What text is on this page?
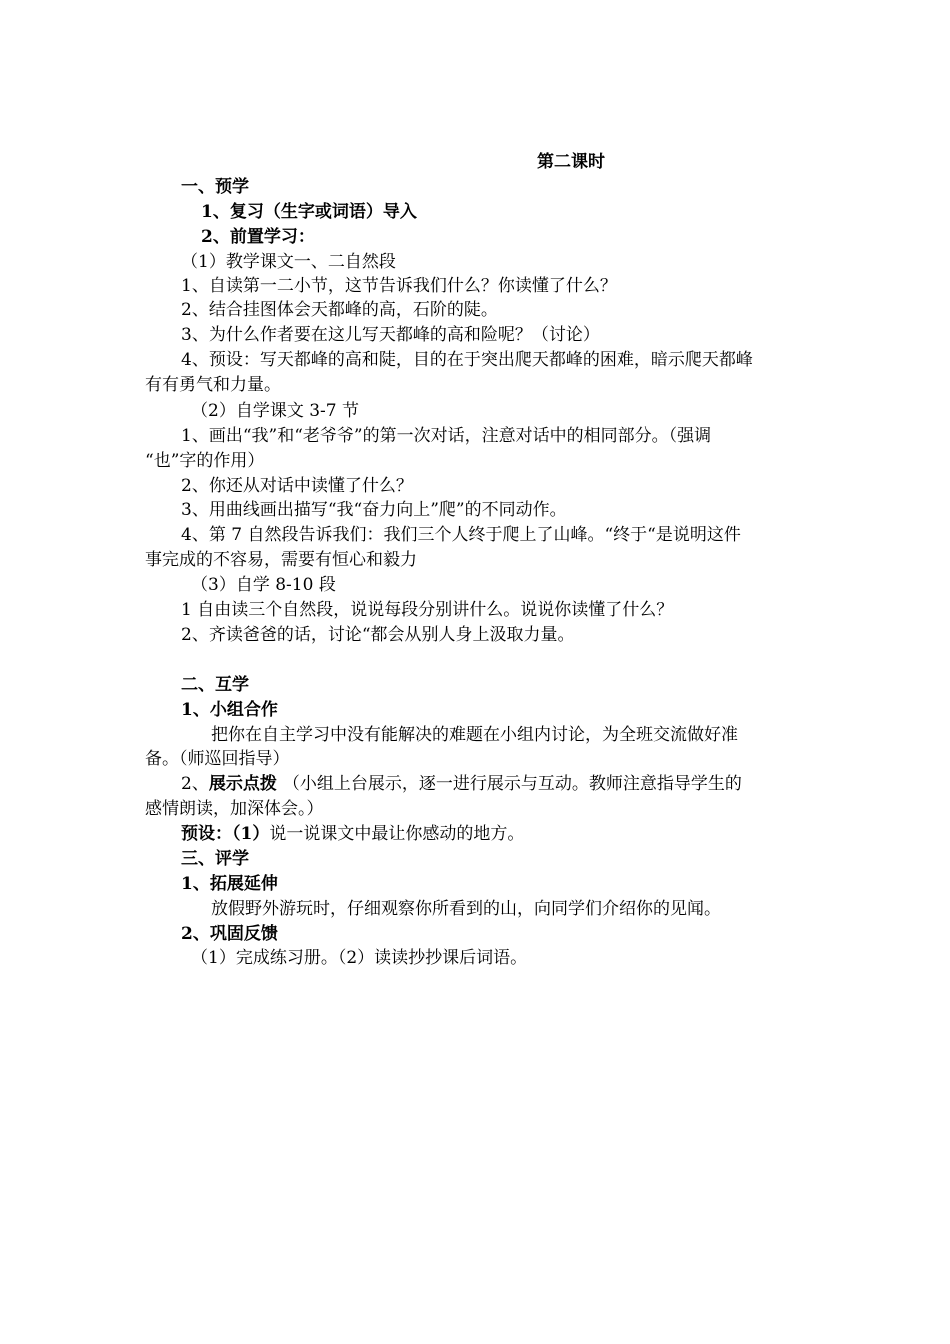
第二课时
一、预学
1、复习（生字或词语）导入
2、前置学习：
（1）教学课文一、二自然段
1、自读第一二小节，这节告诉我们什么？你读懂了什么？
2、结合挂图体会天都峰的高，石阶的陡。
3、为什么作者要在这儿写天都峰的高和险呢？（讨论）
4、预设：写天都峰的高和陡，目的在于突出爬天都峰的困难，暗示爬天都峰
有有勇气和力量。
（2）自学课文 3-7 节
1、画出“我”和“老爷爷”的第一次对话，注意对话中的相同部分。（强调
“也”字的作用）
2、你还从对话中读懂了什么？
3、用曲线画出描写“我“奋力向上”爬”的不同动作。
4、第 7 自然段告诉我们：我们三个人终于爬上了山峰。“终于“是说明这件
事完成的不容易，需要有恒心和毅力
（3）自学 8-10 段
1 自由读三个自然段，说说每段分别讲什么。说说你读懂了什么？
2、齐读爸爸的话，讨论“都会从别人身上汲取力量。
二、互学
1、小组合作
把你在自主学习中没有能解决的难题在小组内讨论，为全班交流做好准
备。（师巡回指导）
2、展示点拨 （小组上台展示，逐一进行展示与互动。教师注意指导学生的
感情朗读，加深体会。）
预设：（1）说一说课文中最让你感动的地方。
三、评学
1、拓展延伸
放假野外游玩时，仔细观察你所看到的山，向同学们介绍你的见闻。
2、巩固反馈
（1）完成练习册。（2）读读抄抄课后词语。
